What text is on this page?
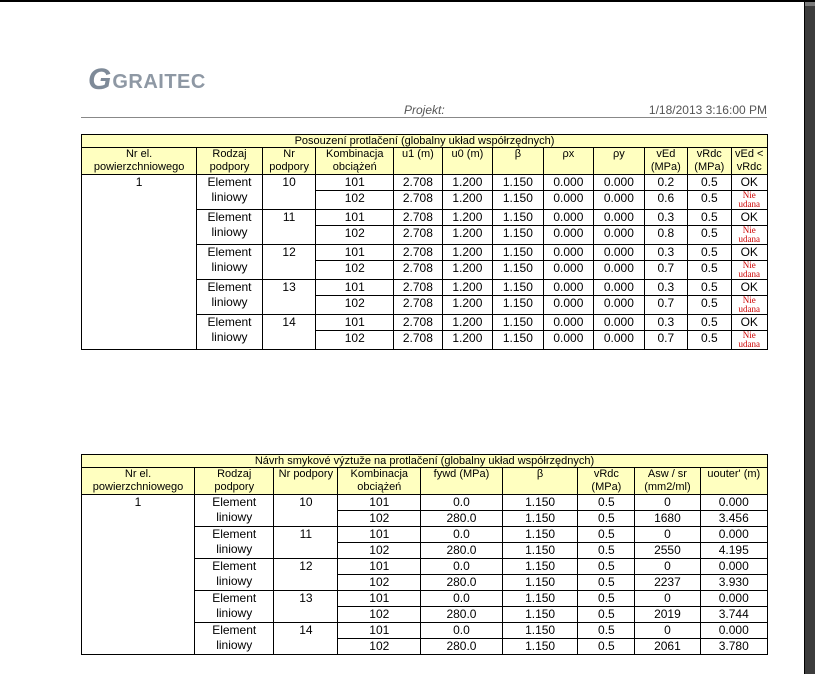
G GRAITEC
Projekt:	1/18/2013 3:16:00 PM
Posouzení protlačení (globalny układ współrzędnych)											
Nr el. powierzchniowego	Rodzaj podpory	Nr podpory	Kombinacja obciążeń	u1 (m)	u0 (m)	β	ρx	ρy	vEd (MPa)	vRdc (MPa)	vEd < vRdc
1	Element liniowy	10	101	2.708	1.200	1.150	0.000	0.000	0.2	0.5	OK
			102	2.708	1.200	1.150	0.000	0.000	0.6	0.5	Nie udana
	Element liniowy	11	101	2.708	1.200	1.150	0.000	0.000	0.3	0.5	OK
			102	2.708	1.200	1.150	0.000	0.000	0.8	0.5	Nie udana
	Element liniowy	12	101	2.708	1.200	1.150	0.000	0.000	0.3	0.5	OK
			102	2.708	1.200	1.150	0.000	0.000	0.7	0.5	Nie udana
	Element liniowy	13	101	2.708	1.200	1.150	0.000	0.000	0.3	0.5	OK
			102	2.708	1.200	1.150	0.000	0.000	0.7	0.5	Nie udana
	Element liniowy	14	101	2.708	1.200	1.150	0.000	0.000	0.3	0.5	OK
			102	2.708	1.200	1.150	0.000	0.000	0.7	0.5	Nie udana
Návrh smykové výztuže na protlačení (globalny układ współrzędnych)								
Nr el. powierzchniowego	Rodzaj podpory	Nr podpory	Kombinacja obciążeń	fywd (MPa)	β	vRdc (MPa)	Asw / sr (mm2/ml)	uouter' (m)
1	Element liniowy	10	101	0.0	1.150	0.5	0	0.000
			102	280.0	1.150	0.5	1680	3.456
	Element liniowy	11	101	0.0	1.150	0.5	0	0.000
			102	280.0	1.150	0.5	2550	4.195
	Element liniowy	12	101	0.0	1.150	0.5	0	0.000
			102	280.0	1.150	0.5	2237	3.930
	Element liniowy	13	101	0.0	1.150	0.5	0	0.000
			102	280.0	1.150	0.5	2019	3.744
	Element liniowy	14	101	0.0	1.150	0.5	0	0.000
			102	280.0	1.150	0.5	2061	3.780
